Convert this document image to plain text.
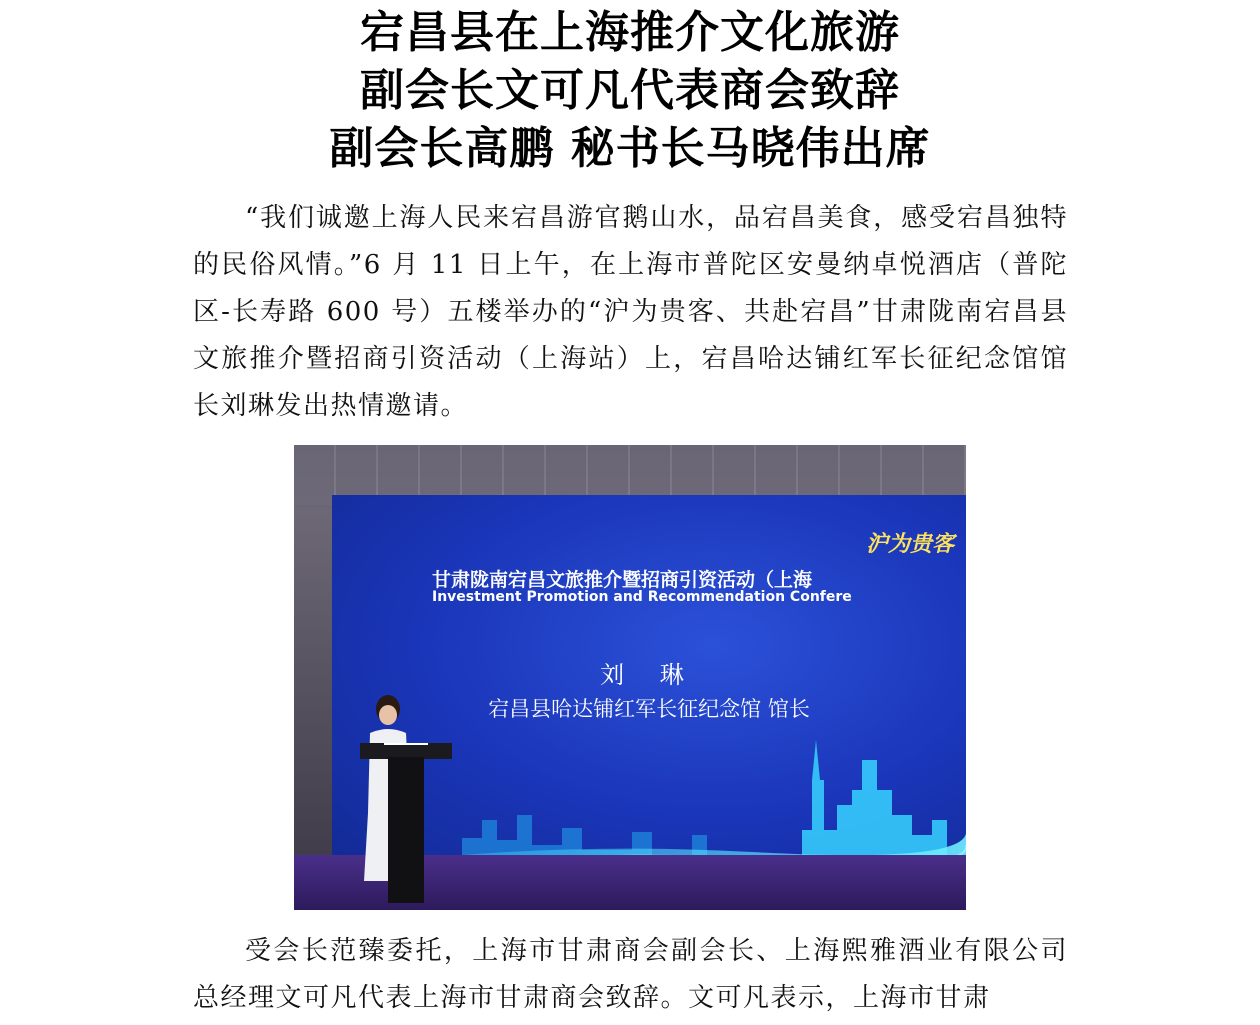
宕昌县在上海推介文化旅游
副会长文可凡代表商会致辞
副会长高鹏 秘书长马晓伟出席

“我们诚邀上海人民来宕昌游官鹅山水，品宕昌美食，感受宕昌独特的民俗风情。”6 月 11 日上午，在上海市普陀区安曼纳卓悦酒店（普陀区-长寿路 600 号）五楼举办的“沪为贵客、共赴宕昌”甘肃陇南宕昌县文旅推介暨招商引资活动（上海站）上，宕昌哈达铺红军长征纪念馆馆长刘琳发出热情邀请。

沪为贵客
甘肃陇南宕昌文旅推介暨招商引资活动（上海
Investment Promotion and Recommendation Confere
刘 琳
宕昌县哈达铺红军长征纪念馆 馆长

受会长范臻委托，上海市甘肃商会副会长、上海熙雅酒业有限公司总经理文可凡代表上海市甘肃商会致辞。文可凡表示，上海市甘肃
